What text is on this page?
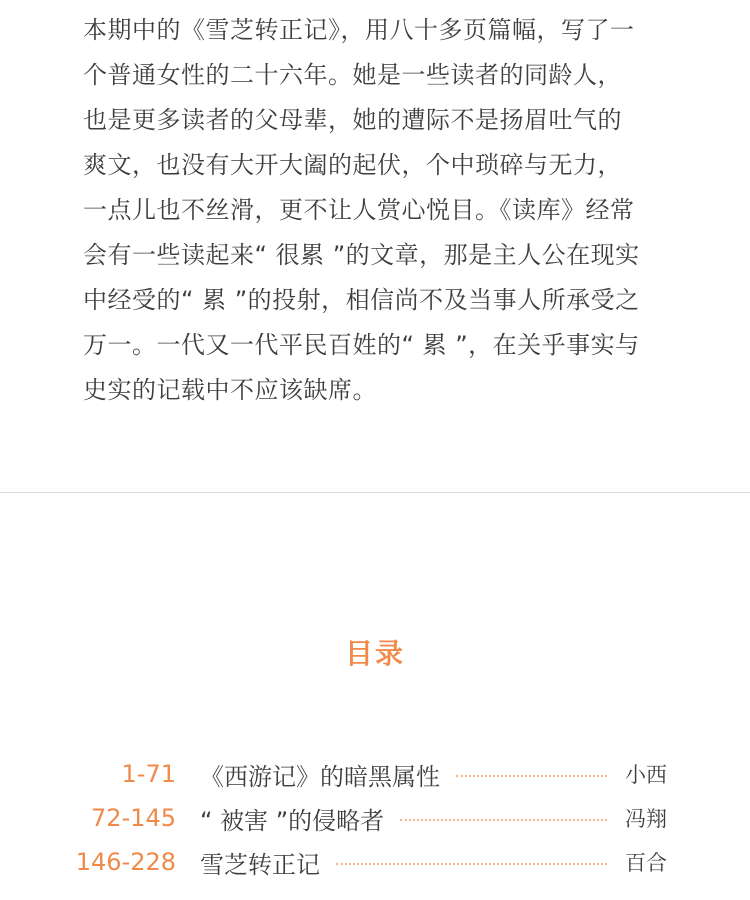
本期中的《雪芝转正记》，用八十多页篇幅，写了一
个普通女性的二十六年。她是一些读者的同龄人，
也是更多读者的父母辈，她的遭际不是扬眉吐气的
爽文，也没有大开大阖的起伏，个中琐碎与无力，
一点儿也不丝滑，更不让人赏心悦目。《读库》经常
会有一些读起来“ 很累 ”的文章，那是主人公在现实
中经受的“ 累 ”的投射，相信尚不及当事人所承受之
万一。一代又一代平民百姓的“ 累 ”，在关乎事实与
史实的记载中不应该缺席。
目录
1-71 《西游记》的暗黑属性	小西
72-145 “ 被害 ”的侵略者	冯翔
146-228 雪芝转正记	百合
